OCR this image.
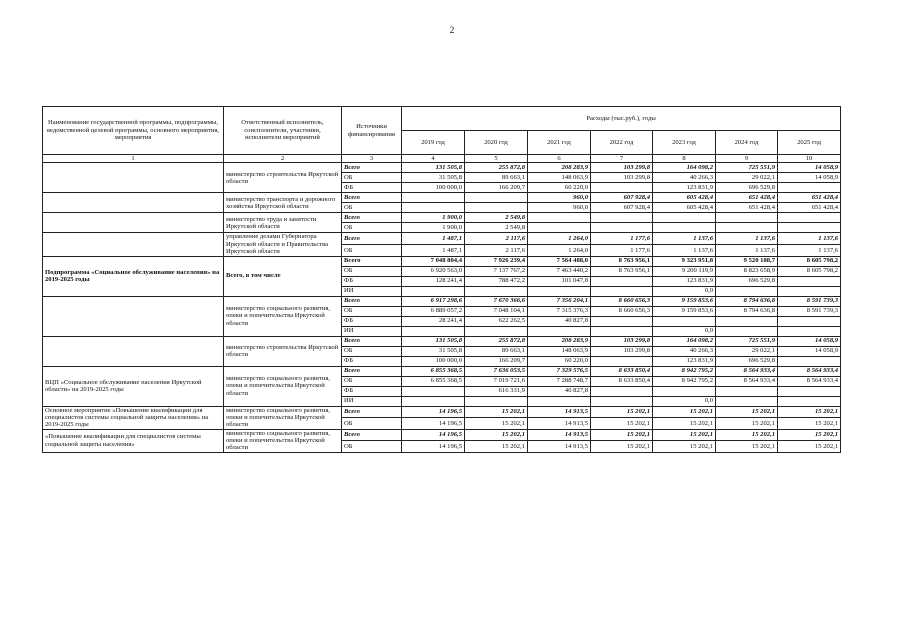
2
Наименование государственной программы, подпрограммы, ведомственной целевой программы, основного мероприятия, мероприятия	Ответственный исполнитель, соисполнители, участники, исполнители мероприятий	Источники финансирования	Расходы (тыс.руб.), годы						
			2019 год	2020 год	2021 год	2022 год	2023 год	2024 год	2025 год
1	2	3	4	5	6	7	8	9	10
	министерство строительства Иркутской области	Всего	131 505,8	255 872,8	208 283,9	103 299,8	164 098,2	725 551,9	14 058,9
		ОБ	31 505,8	89 663,1	148 063,9	103 299,8	40 266,3	29 022,1	14 058,9
		ФБ	100 000,0	166 209,7	60 220,0		123 831,9	696 529,8	
	министерство транспорта и дорожного хозяйства Иркутской области	Всего			960,0	607 928,4	605 428,4	651 428,4	651 428,4
		ОБ			960,0	607 928,4	605 428,4	651 428,4	651 428,4
	министерство труда и занятости Иркутской области	Всего	1 900,0	2 549,8					
		ОБ	1 900,0	2 549,8					
	управление делами Губернатора Иркутской области и Правительства Иркутской области	Всего	1 487,1	2 117,6	1 264,0	1 177,6	1 137,6	1 137,6	1 137,6
		ОБ	1 487,1	2 117,6	1 264,0	1 177,6	1 137,6	1 137,6	1 137,6
Подпрограмма «Социальное обслуживание населения» на 2019-2025 годы	Всего, в том числе	Всего	7 048 804,4	7 926 239,4	7 564 488,0	8 763 956,1	9 323 951,8	9 520 188,7	8 605 798,2
		ОБ	6 920 563,0	7 137 767,2	7 463 440,2	8 763 956,1	9 200 119,9	8 823 658,9	8 605 798,2
		ФБ	128 241,4	788 472,2	101 047,8		123 831,9	696 529,8	
		ИИ					0,0		
	министерство социального развития, опеки и попечительства Иркутской области	Всего	6 917 298,6	7 670 366,6	7 356 204,1	8 660 656,3	9 159 853,6	8 794 636,8	8 591 739,3
		ОБ	6 889 057,2	7 048 104,1	7 315 376,3	8 660 656,3	9 159 853,6	8 794 636,8	8 591 739,3
		ФБ	28 241,4	622 262,5	40 827,8				
		ИИ					0,0		
	министерство строительства Иркутской области	Всего	131 505,8	255 872,8	208 283,9	103 299,8	164 098,2	725 551,9	14 058,9
		ОБ	31 505,8	89 663,1	148 063,9	103 299,8	40 266,3	29 022,1	14 058,9
		ФБ	100 000,0	166 209,7	60 220,0		123 831,9	696 529,8	
ВЦП «Социальное обслуживание населения Иркутской области» на 2019-2025 годы	министерство социального развития, опеки и попечительства Иркутской области	Всего	6 855 368,5	7 636 053,5	7 329 576,5	8 633 850,4	8 942 795,2	8 564 933,4	8 564 933,4
		ОБ	6 855 368,5	7 019 721,6	7 288 748,7	8 633 850,4	8 942 795,2	8 564 933,4	8 564 933,4
		ФБ		616 331,9	40 827,8				
		ИИ					0,0		
Основное мероприятие «Повышение квалификации для специалистов системы социальной защиты населения» на 2019-2025 годы	министерство социального развития, опеки и попечительства Иркутской области	Всего	14 196,5	15 202,1	14 913,5	15 202,1	15 202,1	15 202,1	15 202,1
		ОБ	14 196,5	15 202,1	14 913,5	15 202,1	15 202,1	15 202,1	15 202,1
«Повышение квалификации для специалистов системы социальной защиты населения»	министерство социального развития, опеки и попечительства Иркутской области	Всего	14 196,5	15 202,1	14 913,5	15 202,1	15 202,1	15 202,1	15 202,1
		ОБ	14 196,5	15 202,1	14 913,5	15 202,1	15 202,1	15 202,1	15 202,1
